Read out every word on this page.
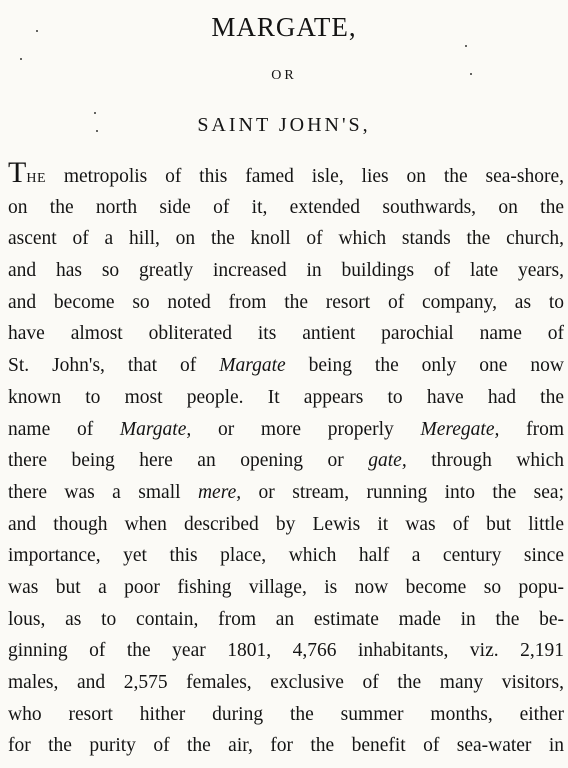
MARGATE,
OR
SAINT JOHN'S,
THE metropolis of this famed isle, lies on the sea-shore,
on the north side of it, extended southwards, on the
ascent of a hill, on the knoll of which stands the church,
and has so greatly increased in buildings of late years,
and become so noted from the resort of company, as to
have almost obliterated its antient parochial name of
St. John's, that of Margate being the only one now
known to most people. It appears to have had the
name of Margate, or more properly Meregate, from
there being here an opening or gate, through which
there was a small mere, or stream, running into the sea;
and though when described by Lewis it was of but little
importance, yet this place, which half a century since
was but a poor fishing village, is now become so popu-
lous, as to contain, from an estimate made in the be-
ginning of the year 1801, 4,766 inhabitants, viz. 2,191
males, and 2,575 females, exclusive of the many visitors,
who resort hither during the summer months, either
for the purity of the air, for the benefit of sea-water in
